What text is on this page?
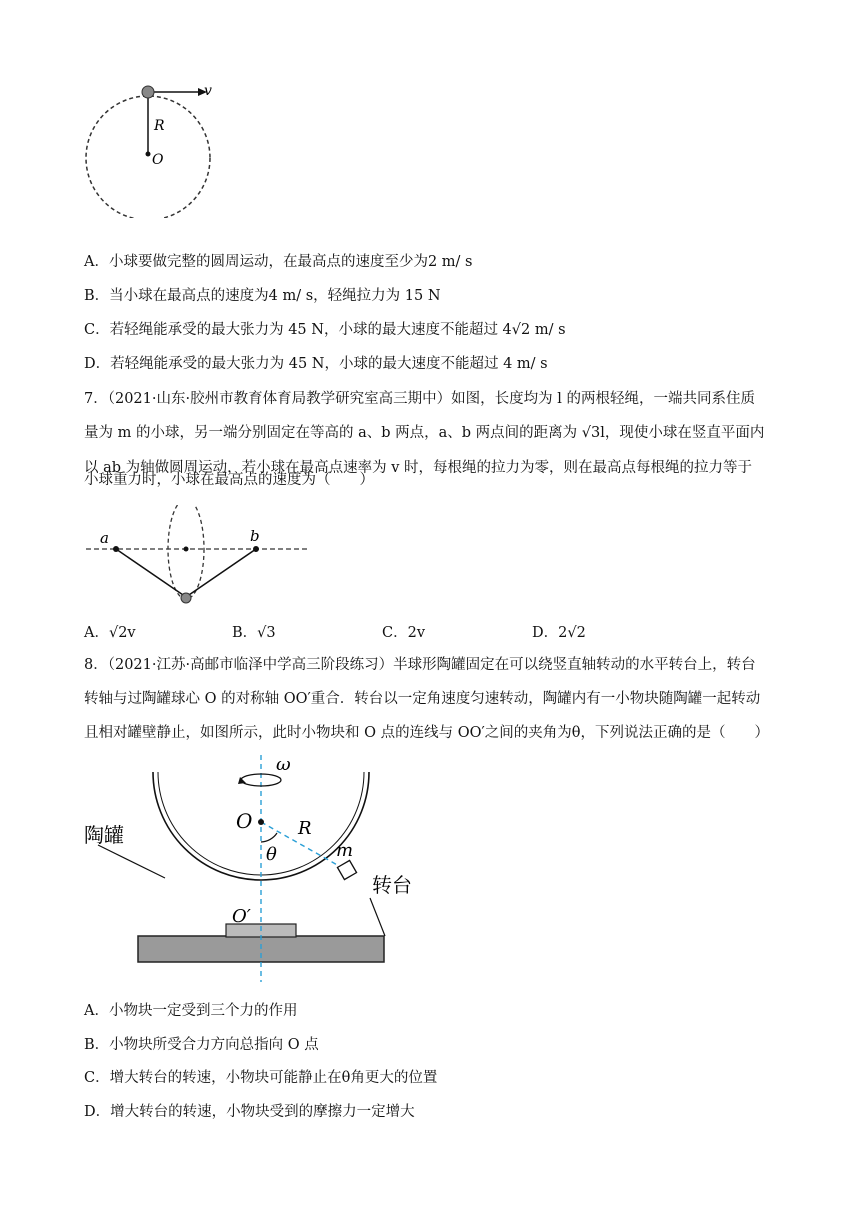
v
R
O
A．小球要做完整的圆周运动，在最高点的速度至少为2 m/ s
B．当小球在最高点的速度为4 m/ s，轻绳拉力为 15 N
C．若轻绳能承受的最大张力为 45 N，小球的最大速度不能超过 4√2 m/ s
D．若轻绳能承受的最大张力为 45 N，小球的最大速度不能超过 4 m/ s
7．（2021·山东·胶州市教育体育局教学研究室高三期中）如图，长度均为 l 的两根轻绳，一端共同系住质
量为 m 的小球，另一端分别固定在等高的 a、b 两点，a、b 两点间的距离为 √3l，现使小球在竖直平面内
以 ab 为轴做圆周运动，若小球在最高点速率为 v 时，每根绳的拉力为零，则在最高点每根绳的拉力等于
小球重力时，小球在最高点的速度为（　　）
a	b
A．√2v	B．√3	C．2v	D．2√2
8．（2021·江苏·高邮市临泽中学高三阶段练习）半球形陶罐固定在可以绕竖直轴转动的水平转台上，转台
转轴与过陶罐球心 O 的对称轴 OO′重合．转台以一定角速度匀速转动，陶罐内有一小物块随陶罐一起转动
且相对罐壁静止，如图所示，此时小物块和 O 点的连线与 OO′之间的夹角为θ，下列说法正确的是（　　）
ω
O	R
m
θ
O′
陶罐
转台
A．小物块一定受到三个力的作用
B．小物块所受合力方向总指向 O 点
C．增大转台的转速，小物块可能静止在θ角更大的位置
D．增大转台的转速，小物块受到的摩擦力一定增大
